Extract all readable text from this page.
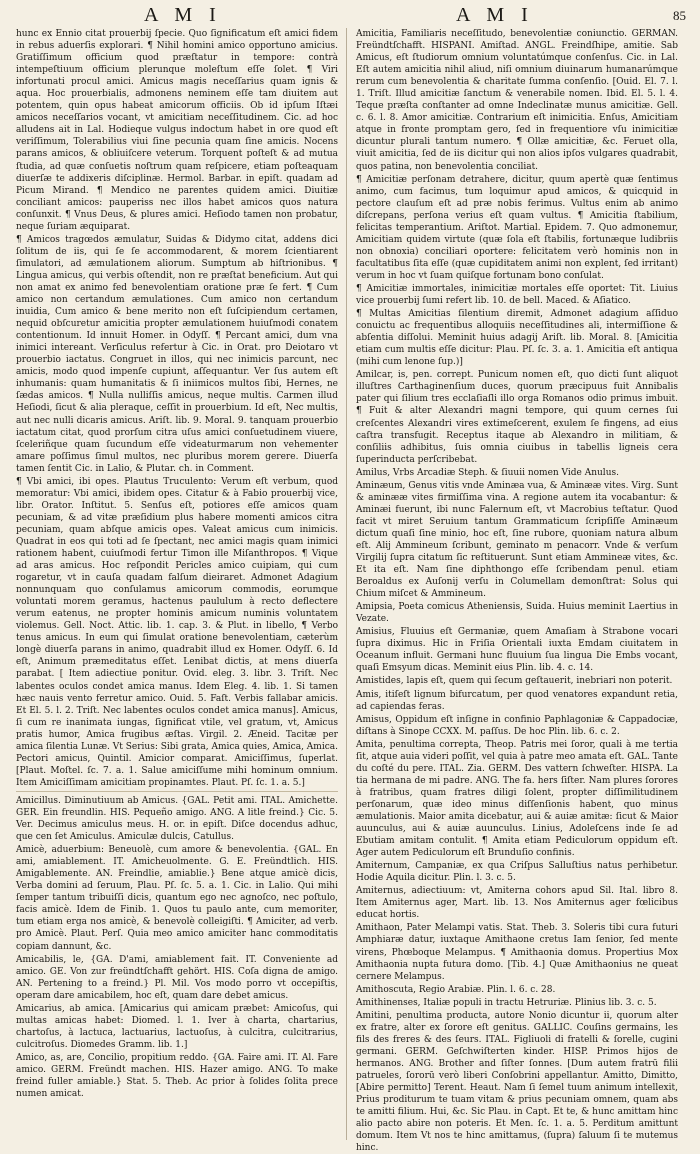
A M I	A M I	85

hunc ex Ennio citat prouerbij ſpecie. Quo ſignificatum eſt amici fidem in rebus aduerſis explorari. ¶ Nihil homini amico opportuno amicius. Gratiſſimum officium quod præſtatur in tempore: contrà intempeſtiuum officium plerunque moleſtum eſſe ſolet. ¶ Viri infortunati procul amici. Amicus magis neceſſarius quam ignis & aqua. Hoc prouerbialis, admonens neminem eſſe tam diuitem aut potentem, quin opus habeat amicorum officiis. Ob id ipſum Iſtæi amicos neceſſarios vocant, vt amicitiam neceſſitudinem. Cic. ad hoc alludens ait in Lal. Hodieque vulgus indoctum habet in ore quod eſt veriſſimum, Tolerabilius viui ſine pecunia quam ſine amicis. Nocens parans amicos, & obliuiſcere veterum. Torquent poſteſt & ad mutua ſtudia, ad quæ conſuetis noſtrum quam reſpicere, etiam poſteaquam diuerſæ te addixeris diſciplinæ. Hermol. Barbar. in epiſt. quadam ad Picum Mirand. ¶ Mendico ne parentes quidem amici. Diuitiæ conciliant amicos: pauperiss nec illos habet amicos quos natura conſunxit. ¶ Vnus Deus, & plures amici. Heſiodo tamen non probatur, neque ſuriam æquiparat.

¶ Amicos tragœdos æmulatur, Suidas & Didymo citat, addens dici ſolitum de iis, qui ſe ſe accommodarent, & morem ſcientiarent ſimulatori, ad æmulationem aliorum. Sumptum ab hiſtrionibus. ¶ Lingua amicus, qui verbis oſtendit, non re præſtat beneficium. Aut qui non amat ex animo fed benevolentiam oratione præ ſe fert. ¶ Cum amico non certandum æmulationes. Cum amico non certandum inuidia, Cum amico & bene merito non eſt ſuſcipiendum certamen, nequid obſcuretur amicitia propter æmulationem huiuſmodi conatem contentionum. Id innuit Homer. in Odyſſ. ¶ Percant amici, dum vna inimici intereant. Verſiculus refertur à Cic. in Orat. pro Deiotaro vt prouerbio iactatus. Congruet in illos, qui nec inimicis parcunt, nec amicis, modo quod impenſe cupiunt, aſſequantur. Ver ſus autem eſt inhumanis: quam humanitatis & ſi iniimicos multos ſibi, Hernes, ne ſædas amicos. ¶ Nulla nulliſſis amicus, neque multis. Carmen illud Heſiodi, ſicut & alia pleraque, ceſſit in prouerbium. Id eſt, Nec multis, aut nec nulli dicaris amicus. Ariſt. lib. 9. Moral. 9. tanquam prouerbio iactatum citat, quod prorſum citra uſus amici conſuetudinem viuere, ſceleriñque quam ſucundum eſſe videaturmarum non vehementer amare poſſimus ſimul multos, nec pluribus morem gerere. Diuerſa tamen ſentit Cic. in Lalio, & Plutar. ch. in Comment.

¶ Vbi amici, ibi opes. Plautus Truculento: Verum eſt verbum, quod memoratur: Vbi amici, ibidem opes. Citatur & à Fabio prouerbij vice, libr. Orator. Inſtitut. 5. Senſus eſt, potiores eſſe amicos quam pecuniam, & ad vitæ præſidium plus habere momenti amicos citra pecuniam, quam abſque amicis opes. Valeat amicus cum inimicis. Quadrat in eos qui toti ad ſe ſpectant, nec amici magis quam inimici rationem habent, cuiuſmodi fertur Timon ille Miſanthropos. ¶ Vique ad aras amicus. Hoc reſpondit Pericles amico cuipiam, qui cum rogaretur, vt in cauſa quadam falſum dieiraret. Admonet Adagium nonnunquam quo conſulamus amicorum commodis, eorumque voluntati morem geramus, hactenus paululum à recto deflectere verum eatenus, ne propter hominis amicum numinis voluntatem violemus. Gell. Noct. Attic. lib. 1. cap. 3. & Plut. in libello, ¶ Verbo tenus amicus. In eum qui ſimulat orationе benevolentiam, cæterùm longè diuerſa parans in animo, quadrabit illud ex Homer. Odyſſ. 6. Id eſt, Animum præmeditatus eſſet. Lenibat dictis, at mens diuerſa parabat. [ Item adiectiue ponitur. Ovid. eleg. 3. libr. 3. Triſt. Nec labentes oculos condet amica manus. Idem Eleg. 4. lib. 1. Si tamen hæc nauis vento ferretur amico. Ouid. 5. Faſt. Verbis fallabar amicis. Et El. 5. l. 2. Triſt. Nec labentes oculos condet amica manus]. Amicus, ſi cum re inanimata iungas, ſignificat vtile, vel gratum, vt, Amicus pratis humor, Amica frugibus æſtas. Virgil. 2. Æneid. Tacitæ per amica ſilentia Lunæ. Vt Serius: Sibi grata, Amica quies, Amica, Amica. Pectori amicus, Quintil. Amicior comparat. Amiciſſimus, ſuperlat. [Plaut. Moſtel. ſc. 7. a. 1. Salue amiciſſume mihi hominum omnium. Item Amiciſſimam amicitiam propinamtes. Plaut. Pſ. ſc. 1. a. 5.]

Amicillus. Diminutiuum ab Amicus. {GAL. Petit ami. ITAL. Amichette. GER. Ein freundlin. HIS. Pequeño amigo. ANG. A litle freind.} Cic. 5. Ver. Decimus amiculus meus. H. or. in epiſt. Diſce docendus adhuc, que cen ſet Amiculus. Amiculæ dulcis, Catullus.

Amicè, aduerbium: Beneuolè, cum amore & benevolentia. {GAL. En ami, amiablement. IT. Amicheuolmente. G. E. Freündtlich. HIS. Amigablemente. AN. Freindlie, amiablie.} Bene atque amicè dicis, Verba domini ad ſeruum, Plau. Pſ. ſc. 5. a. 1. Cic. in Lalio. Qui mihi ſemper tantum tribuiſſi dicis, quantum ego nec agnoſco, nec poſtulo, facis amicè. Idem de Finib. 1. Quos tu paulo ante, cum memoriter, tum etiam erga nos amicè, & benevolè colleigiſti. ¶ Amiciter, ad verb. pro Amicè. Plaut. Perſ. Quia meo amico amiciter hanc commoditatis copiam dannunt, &c.

Amicabilis, le, {GA. D'ami, amiablement fait. IT. Conveniente ad amico. GE. Von zur freündtſchafft gehört. HIS. Coſa digna de amigo. AN. Pertening to a freind.} Pl. Mil. Vos modo porro vt occepiſtis, operam dare amicabilem, hoc eſt, quam dare debet amicus.

Amicarius, ab amica. [Amicarius qui amicam præbet: Amicoſus, qui multas amicas habet: Diomed. l. 1. Iver à charta, chartarius, chartoſus, à lactuca, lactuarius, lactuoſus, à culcitra, culcitrarius, culcitroſus. Diomedes Gramm. lib. 1.]

Amico, as, are, Concilio, propitium reddo. {GA. Faire ami. IT. Al. Fare amico. GERM. Freündt machen. HIS. Hazer amigo. ANG. To make freind fuller amiable.} Stat. 5. Theb. Ac prior à ſolides ſolita prece numen amicat.

Amicitia, Familiaris neceſſitudo, benevolentiæ coniunctio. GERMAN. Freündtſchafft. HISPANI. Amiſtad. ANGL. Freindſhipe, amitie. Sab Amicus, eſt ſtudiorum omnium voluntatúmque conſenſus. Cic. in Lal. Eſt autem amicitia nihil aliud, niſi omnium diuinarum humanarúmque rerum cum benevolentia & charitate ſumma conſenſio. [Ouid. El. 7. l. 1. Triſt. Illud amicitiæ ſanctum & venerabile nomen. Ibid. El. 5. l. 4. Teque præſta conſtanter ad omne Indeclinatæ munus amicitiæ. Gell. c. 6. l. 8. Amor amicitiæ. Contrarium eſt inimicitia. Enſus, Amicitiam atque in fronte promptam gero, ſed in frequentiore vſu inimicitiæ dicuntur plurali tantum numero. ¶ Ollæ amicitiæ, &c. Feruet olla, viuit amicitia, ſed de iis dicitur qui non alios ipſos vulgares quadrabit, quos patina, non benevolentia conciliat.

¶ Amicitiæ perſonam detrahere, dicitur, quum apertè quæ ſentimus animo, cum facimus, tum loquimur apud amicos, & quicquid in pectore clauſum eſt ad præ nobis ferimus. Vultus enim ab animo diſcrepans, perſona verius eſt quam vultus. ¶ Amicitia ſtabilium, felicitas temperantium. Ariſtot. Martial. Epidem. 7. Quo admonemur, Amicitiam quidem virtute (quæ ſola eſt ſtabilis, fortunæque ludibriis non obnoxia) conciliari oportere: felicitatem verò hominis non in facultatibus ſita eſſe (quæ cupiditatem animi non explent, ſed irritant) verum in hoc vt ſuam quiſque fortunam bono conſulat.

¶ Amicitiæ immortales, inimicitiæ mortales eſſe oportet: Tit. Liuius vice prouerbij ſumi refert lib. 10. de bell. Maced. & Aſiatico.

¶ Multas Amicitias ſilentium diremit, Admonet adagium aſſiduo conuictu ac frequentibus alloquiis neceſſitudines ali, intermiſſione & abſentia diſſolui. Meminit huius adagij Ariſt. lib. Moral. 8. [Amicitia etiam cum multis eſſe dicitur: Plau. Pſ. ſc. 3. a. 1. Amicitia eſt antiqua (mihi cum lenone ſup.)]

Amilcar, is, pen. corrept. Punicum nomen eſt, quo dicti ſunt aliquot illuſtres Carthaginenſium duces, quorum præcipuus fuit Annibalis pater qui ſilium tres ecclaſiaſli illo orga Romanos odio primus imbuit. ¶ Fuit & alter Alexandri magni tempore, qui quum cernes ſui creſcentes Alexandri vires extimeſcerent, exulem ſe fingens, ad eius caſtra transfugit. Receptus itaque ab Alexandro in militiam, & conſiliis adhibitus, ſuis omnia ciuibus in tabellis ligneis cera ſuperinducta perſcribebat.

Amilus, Vrbs Arcadiæ Steph. & ſiuuii nomen Vide Anulus.

Aminæum, Genus vitis vnde Aminæa vua, & Aminææ vites. Virg. Sunt & aminææ vites firmiſſima vina. A regione autem ita vocabantur: & Aminæi fuerunt, ibi nunc Falernum eſt, vt Macrobius teſtatur. Quod facit vt miret Seruium tantum Grammaticum ſcripſiſſe Aminæum dictum quaſi ſine minio, hoc eſt, ſine rubore, quoniam natura album eſt. Alij Ammineum ſcribunt, geminato m penacorr. Vnde & verſum Virgilij ſupra citatum ſic reſtituerunt. Sunt etiam Ammineæ vites, &c. Et ita eſt. Nam ſine diphthongo eſſe ſcribendam penul. etiam Beroaldus ex Auſonij verſu in Columellam demonſtrat: Solus qui Chium miſcet & Ammineum.

Amipsia, Poeta comicus Atheniensis, Suida. Huius meminit Laertius in Vezate.

Amisius, Fluuius eſt Germaniæ, quem Amaſiam à Strabone vocari ſupra diximus. Hic in Friſia Orientali iuxta Emdam ciuitatem in Oceanum influit. Germani hunc fluuium ſua lingua Die Embs vocant, quaſi Emsyum dicas. Meminit eius Plin. lib. 4. c. 14.

Amistides, lapis eſt, quem qui ſecum geſtauerit, inebriari non poterit.

Amis, itiſeſt lignum bifurcatum, per quod venatores expandunt retia, ad capiendas feras.

Amisus, Oppidum eſt inſigne in confinio Paphlagoniæ & Cappadociæ, diſtans à Sinope CCXX. M. paſſus. De hoc Plin. lib. 6. c. 2.

Amita, penultima correpta, Theop. Patris mei ſoror, quali à me tertia ſit, atque auia videri poſſit, vel quia à patre meo amata eſt. GAL. Tante du coſté du pere. ITAL. Zia. GERM. Des vattern ſchweſter. HISPA. La tia hermana de mi padre. ANG. The fa. hers ſiſter. Nam plures ſorores à fratribus, quam fratres diligi ſolent, propter diſſimilitudinem perſonarum, quæ ideo minus diſſenſionis habent, quo minus æmulationis. Maior amita dicebatur, aui & auiæ amitæ: ſicut & Maior auunculus, aui & auiæ auunculus. Linius, Adoleſcens inde ſe ad Ebutiam amitam contulit. ¶ Amita etiam Pediculorum oppidum eſt. Ager autem Pediculorum eſt Brunduſio confinis.

Amiternum, Campaniæ, ex qua Criſpus Salluſtius natus perhibetur. Hodie Aquila dicitur. Plin. l. 3. c. 5.

Amiternus, adiectiuum: vt, Amiterna cohors apud Sil. Ital. libro 8. Item Amiternus ager, Mart. lib. 13. Nos Amiternus ager fœlicibus educat hortis.

Amithaon, Pater Melampi vatis. Stat. Theb. 3. Soleris tibi cura futuri Amphiaræ datur, iuxtaque Amithaone cretus Iam ſenior, ſed mente virens, Phœboque Melampus. ¶ Amithaonia domus. Propertius Mox Amithaonia nupta futura domo. [Tib. 4.] Quæ Amithaonius ne queat cernere Melampus.

Amithoscuta, Regio Arabiæ. Plin. l. 6. c. 28.

Amithinenses, Italiæ populi in tractu Hetruriæ. Plinius lib. 3. c. 5.

Amitini, penultima producta, autore Nonio dicuntur ii, quorum alter ex fratre, alter ex ſorore eſt genitus. GALLIC. Couſins germains, les fils des freres & des ſeurs. ITAL. Figliuoli di fratelli & ſorelle, cugini germani. GERM. Geſchwiſterten kinder. HISP. Primos hijos de hermanos. ANG. Brother and ſiſter ſonnes. [Dum autem fratrū filii patrueles, ſororū verò liberi Conſobrini appellantur. Amitto, Dimitto, [Abire permitto] Terent. Heaut. Nam ſi ſemel tuum animum intellexit, Prius proditurum te tuam vitam & prius pecuniam omnem, quam abs te amitti filium. Hui, &c. Sic Plau. in Capt. Et te, & hunc amittam hinc alio pacto abire non poteris. Et Men. ſc. 1. a. 5. Perditum amittunt domum. Item Vt nos te hinc amittamus, (ſupra) ſaluum ſi te mutemus hinc.
